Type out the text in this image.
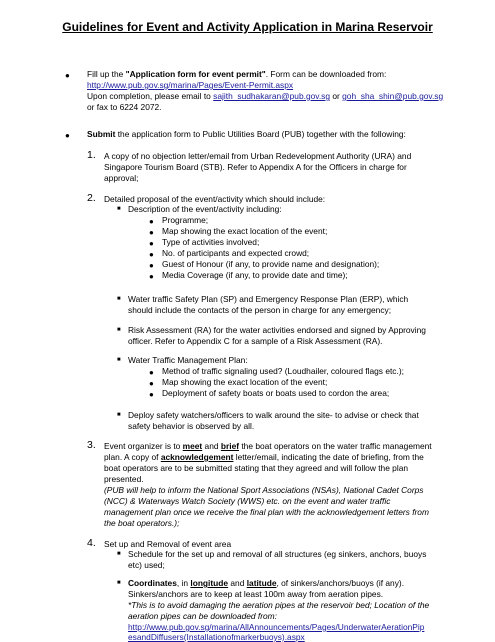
Guidelines for Event and Activity Application in Marina Reservoir
● Fill up the "Application form for event permit". Form can be downloaded from:
http://www.pub.gov.sg/marina/Pages/Event-Permit.aspx
Upon completion, please email to sajith_sudhakaran@pub.gov.sg or goh_sha_shin@pub.gov.sg
or fax to 6224 2072.
● Submit the application form to Public Utilities Board (PUB) together with the following:
1. A copy of no objection letter/email from Urban Redevelopment Authority (URA) and
Singapore Tourism Board (STB). Refer to Appendix A for the Officers in charge for
approval;
2. Detailed proposal of the event/activity which should include:
■ Description of the event/activity including:
● Programme;
● Map showing the exact location of the event;
● Type of activities involved;
● No. of participants and expected crowd;
● Guest of Honour (if any, to provide name and designation);
● Media Coverage (if any, to provide date and time);
■ Water traffic Safety Plan (SP) and Emergency Response Plan (ERP), which
should include the contacts of the person in charge for any emergency;
■ Risk Assessment (RA) for the water activities endorsed and signed by Approving
officer. Refer to Appendix C for a sample of a Risk Assessment (RA).
■ Water Traffic Management Plan:
● Method of traffic signaling used? (Loudhailer, coloured flags etc.);
● Map showing the exact location of the event;
● Deployment of safety boats or boats used to cordon the area;
■ Deploy safety watchers/officers to walk around the site- to advise or check that
safety behavior is observed by all.
3. Event organizer is to meet and brief the boat operators on the water traffic management
plan. A copy of acknowledgement letter/email, indicating the date of briefing, from the
boat operators are to be submitted stating that they agreed and will follow the plan
presented.
(PUB will help to inform the National Sport Associations (NSAs), National Cadet Corps
(NCC) & Waterways Watch Society (WWS) etc. on the event and water traffic
management plan once we receive the final plan with the acknowledgement letters from
the boat operators.);
4. Set up and Removal of event area
■ Schedule for the set up and removal of all structures (eg sinkers, anchors, buoys
etc) used;
■ Coordinates, in longitude and latitude, of sinkers/anchors/buoys (if any).
Sinkers/anchors are to keep at least 100m away from aeration pipes.
*This is to avoid damaging the aeration pipes at the reservoir bed; Location of the
aeration pipes can be downloaded from:
http://www.pub.gov.sg/marina/AllAnnouncements/Pages/UnderwaterAerationPip
esandDiffusers(Installationofmarkerbuoys).aspx
